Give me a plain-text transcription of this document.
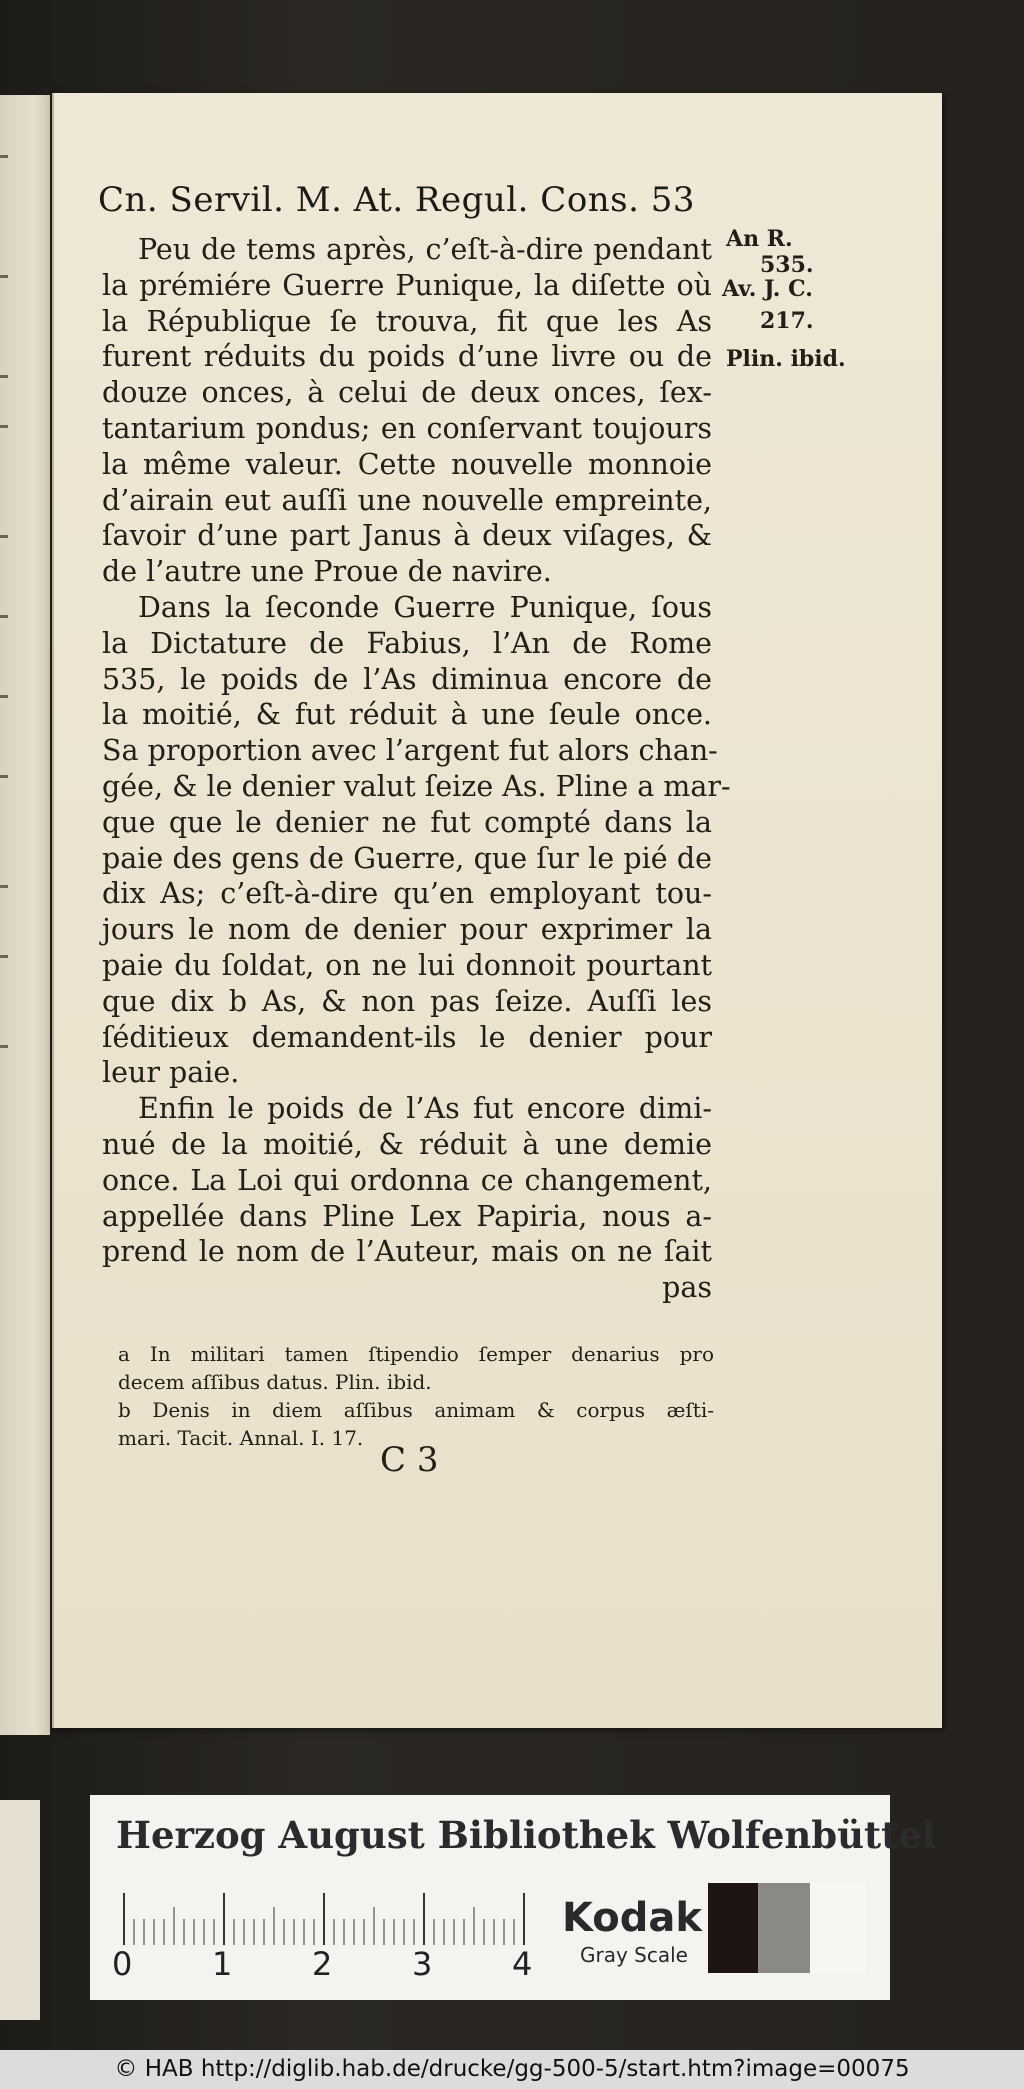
Cn. Servil. M. At. Regul. Cons. 53
Peu de tems après, c’eſt-à-dire pendant
la prémiére Guerre Punique, la diſette où
la République ſe trouva, fit que les As
furent réduits du poids d’une livre ou de
douze onces, à celui de deux onces, ſex-
tantarium pondus; en conſervant toujours
la même valeur. Cette nouvelle monnoie
d’airain eut auſſi une nouvelle empreinte,
ſavoir d’une part Janus à deux viſages, &
de l’autre une Proue de navire.
Dans la ſeconde Guerre Punique, ſous
la Dictature de Fabius, l’An de Rome
535, le poids de l’As diminua encore de
la moitié, & fut réduit à une ſeule once.
Sa proportion avec l’argent fut alors chan-
gée, & le denier valut ſeize As. Pline a mar-
que que le denier ne fut compté dans la
paie des gens de Guerre, que ſur le pié de
dix As; c’eſt-à-dire qu’en employant tou-
jours le nom de denier pour exprimer la
paie du ſoldat, on ne lui donnoit pourtant
que dix b As, & non pas ſeize. Auſſi les
ſéditieux demandent-ils le denier pour
leur paie.
Enfin le poids de l’As fut encore dimi-
nué de la moitié, & réduit à une demie
once. La Loi qui ordonna ce changement,
appellée dans Pline Lex Papiria, nous a-
prend le nom de l’Auteur, mais on ne ſait
pas
An R.
535.
Av. J. C.
217.
Plin. ibid.
a In militari tamen ſtipendio ſemper denarius pro
decem aſſibus datus. Plin. ibid.
b Denis in diem aſſibus animam & corpus æſti-
mari. Tacit. Annal. I. 17.
C 3
Herzog August Bibliothek Wolfenbüttel
0 1 2 3 4
Kodak
Gray Scale
© HAB http://diglib.hab.de/drucke/gg-500-5/start.htm?image=00075
